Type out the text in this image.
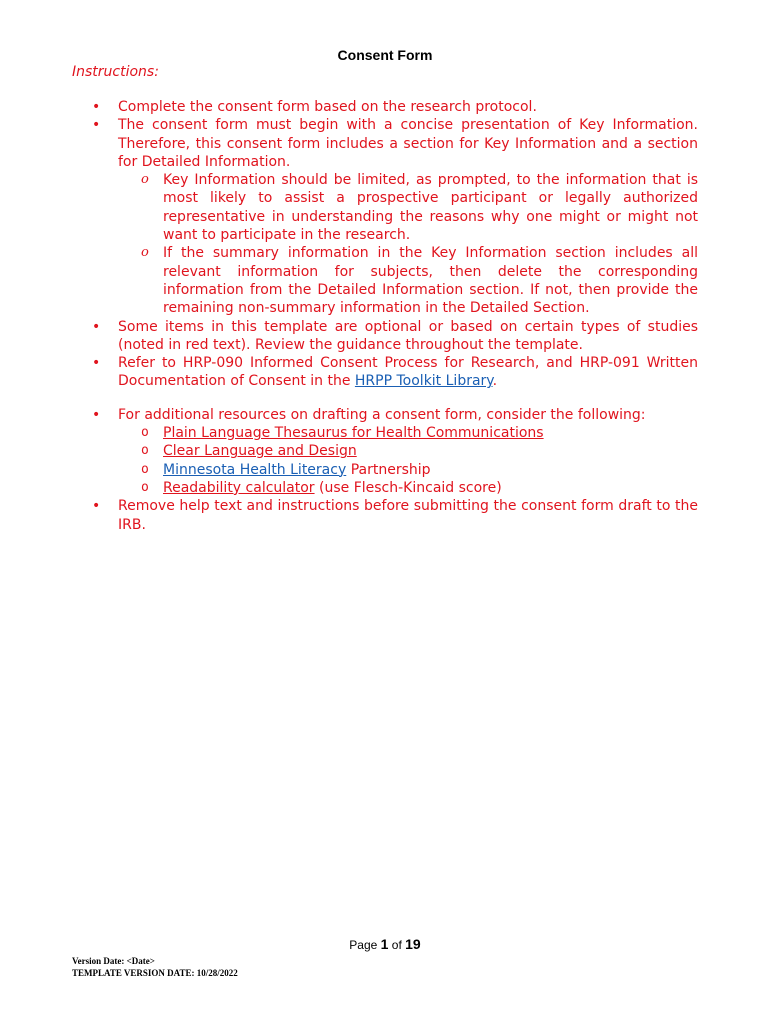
Consent Form
Instructions:
• Complete the consent form based on the research protocol.
• The consent form must begin with a concise presentation of Key Information. Therefore, this consent form includes a section for Key Information and a section for Detailed Information.
o Key Information should be limited, as prompted, to the information that is most likely to assist a prospective participant or legally authorized representative in understanding the reasons why one might or might not want to participate in the research.
o If the summary information in the Key Information section includes all relevant information for subjects, then delete the corresponding information from the Detailed Information section. If not, then provide the remaining non-summary information in the Detailed Section.
• Some items in this template are optional or based on certain types of studies (noted in red text). Review the guidance throughout the template.
• Refer to HRP-090 Informed Consent Process for Research, and HRP-091 Written Documentation of Consent in the HRPP Toolkit Library.
• For additional resources on drafting a consent form, consider the following:
o Plain Language Thesaurus for Health Communications
o Clear Language and Design
o Minnesota Health Literacy Partnership
o Readability calculator (use Flesch-Kincaid score)
• Remove help text and instructions before submitting the consent form draft to the IRB.
Page 1 of 19
Version Date: <Date>
TEMPLATE VERSION DATE: 10/28/2022
